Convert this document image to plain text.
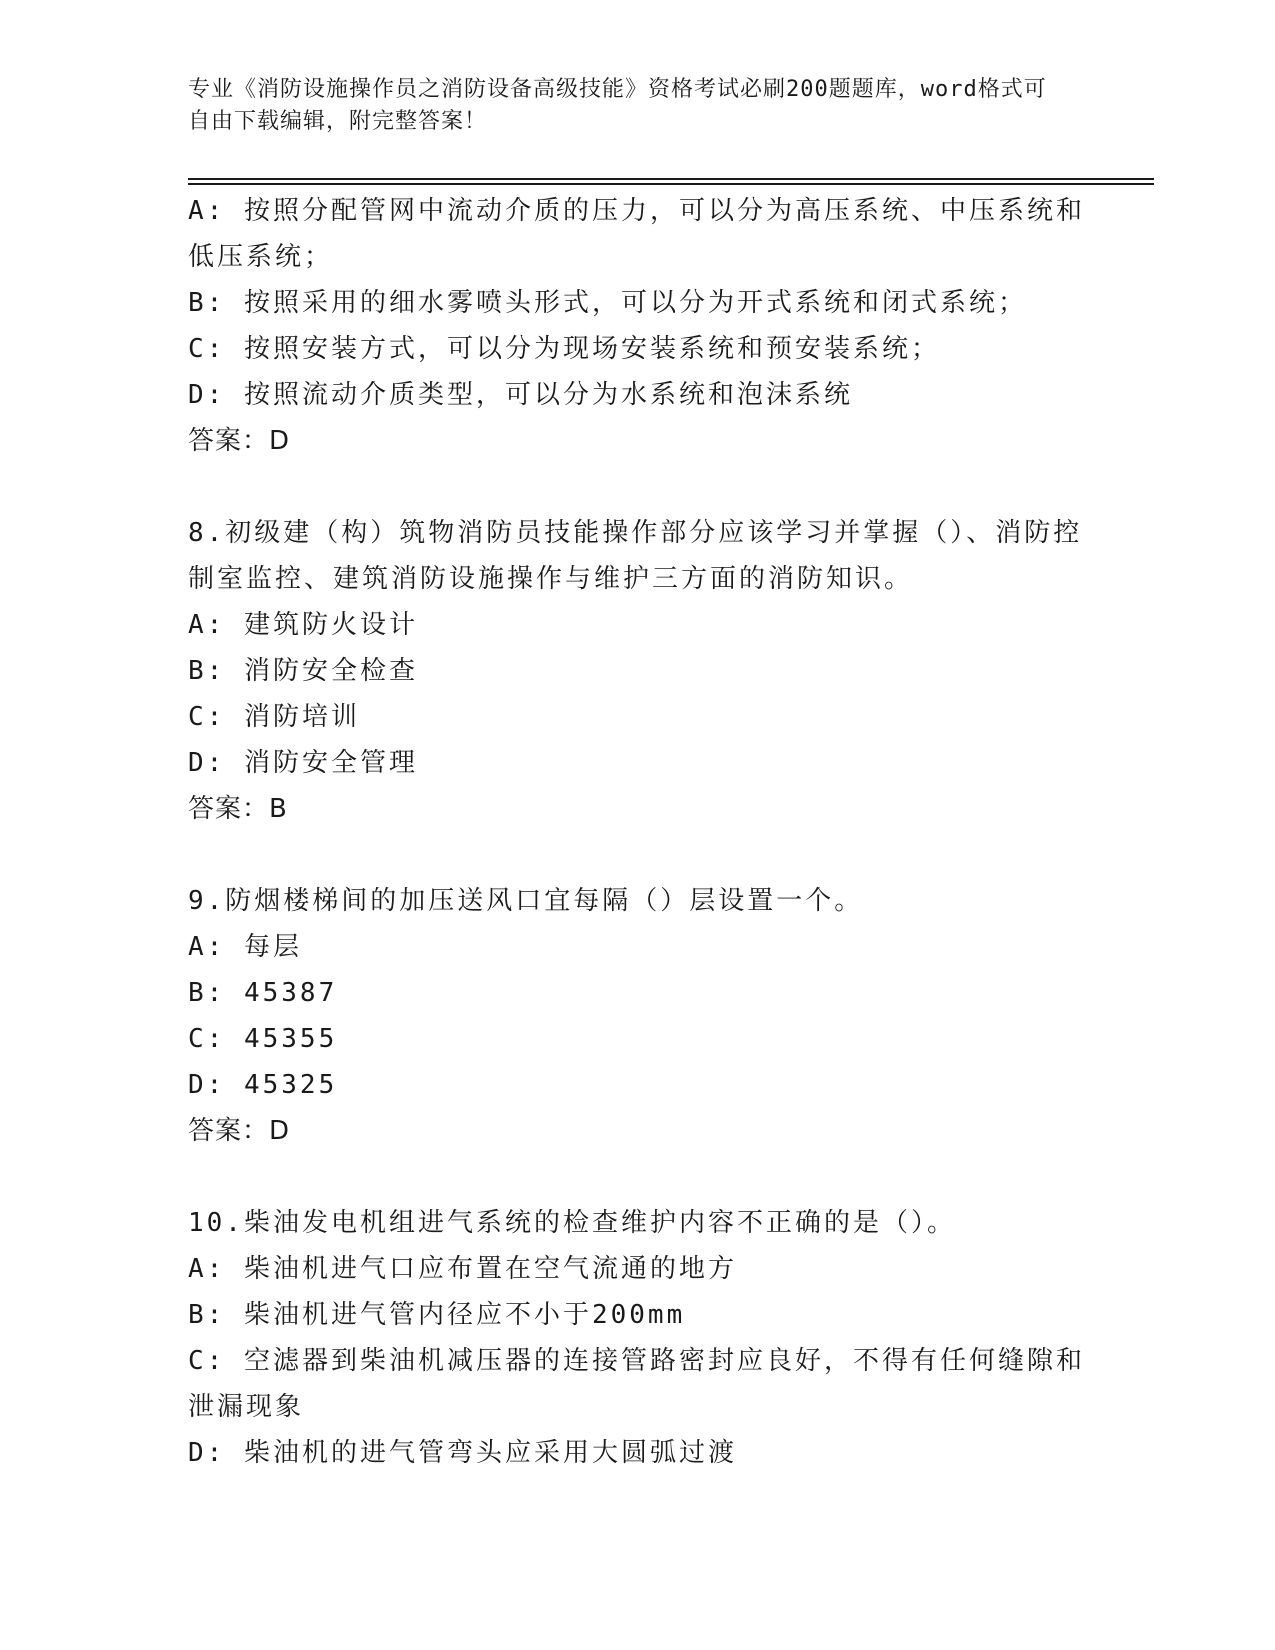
专业《消防设施操作员之消防设备高级技能》资格考试必刷200题题库，word格式可自由下载编辑，附完整答案！
A: 按照分配管网中流动介质的压力，可以分为高压系统、中压系统和低压系统；
B: 按照采用的细水雾喷头形式，可以分为开式系统和闭式系统；
C: 按照安装方式，可以分为现场安装系统和预安装系统；
D: 按照流动介质类型，可以分为水系统和泡沫系统
答案：D
8.初级建（构）筑物消防员技能操作部分应该学习并掌握（）、消防控制室监控、建筑消防设施操作与维护三方面的消防知识。
A: 建筑防火设计
B: 消防安全检查
C: 消防培训
D: 消防安全管理
答案：B
9.防烟楼梯间的加压送风口宜每隔（）层设置一个。
A: 每层
B: 45387
C: 45355
D: 45325
答案：D
10.柴油发电机组进气系统的检查维护内容不正确的是（）。
A: 柴油机进气口应布置在空气流通的地方
B: 柴油机进气管内径应不小于200mm
C: 空滤器到柴油机减压器的连接管路密封应良好，不得有任何缝隙和泄漏现象
D: 柴油机的进气管弯头应采用大圆弧过渡
